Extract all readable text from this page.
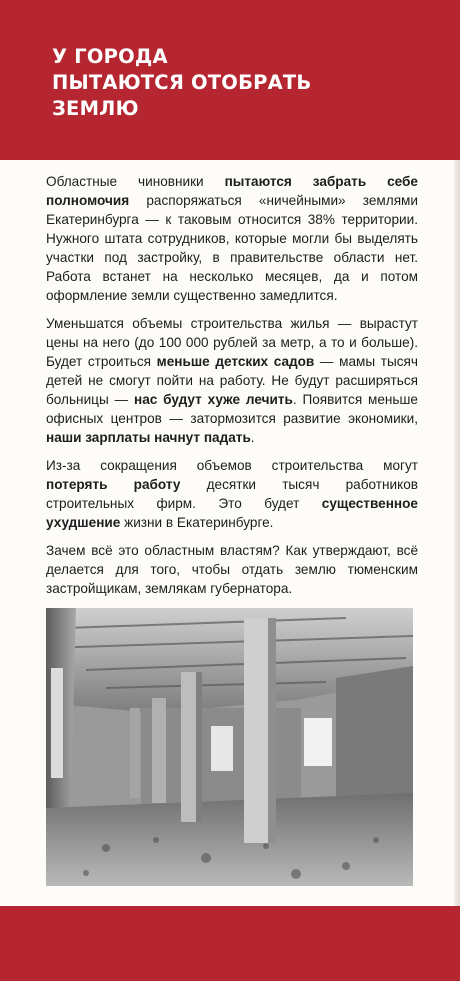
У ГОРОДА
ПЫТАЮТСЯ ОТОБРАТЬ
ЗЕМЛЮ

Областные чиновники пытаются забрать себе полномочия распоряжаться «ничейными» землями Екатеринбурга — к таковым относится 38% территории. Нужного штата сотрудников, которые могли бы выделять участки под застройку, в правительстве области нет. Работа встанет на несколько месяцев, да и потом оформление земли существенно замедлится.

Уменьшатся объемы строительства жилья — вырастут цены на него (до 100 000 рублей за метр, а то и больше). Будет строиться меньше детских садов — мамы тысяч детей не смогут пойти на работу. Не будут расширяться больницы — нас будут хуже лечить. Появится меньше офисных центров — затормозится развитие экономики, наши зарплаты начнут падать.

Из-за сокращения объемов строительства могут потерять работу десятки тысяч работников строительных фирм. Это будет существенное ухудшение жизни в Екатеринбурге.

Зачем всё это областным властям? Как утверждают, всё делается для того, чтобы отдать землю тюменским застройщикам, землякам губернатора.
